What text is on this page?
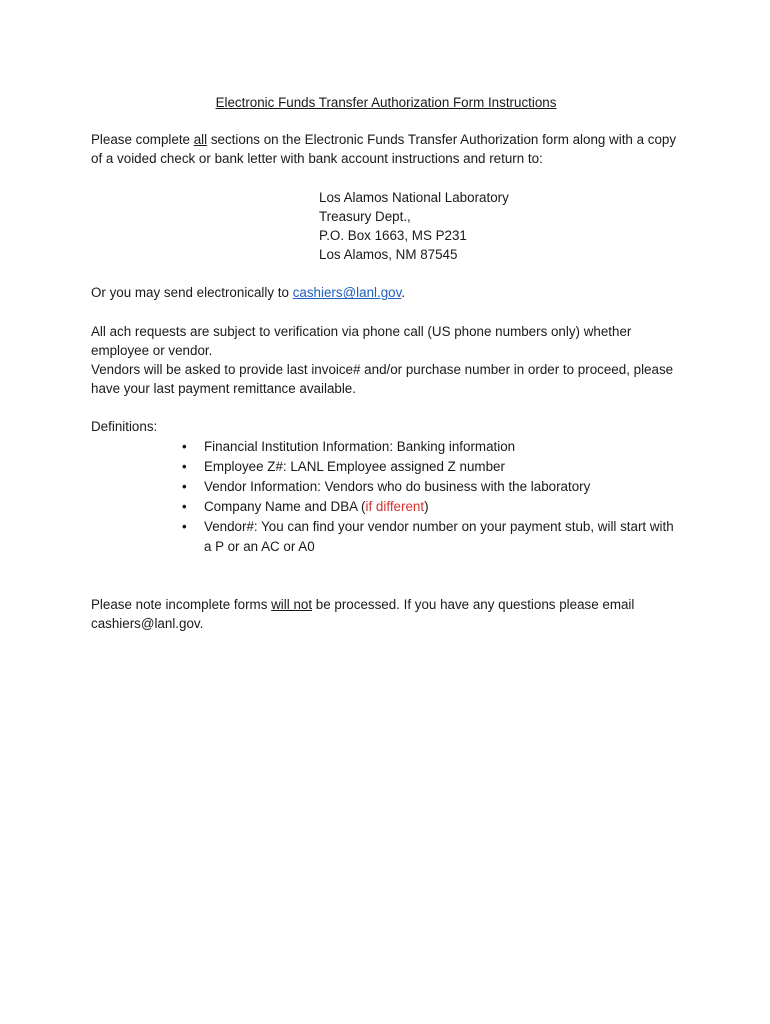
Electronic Funds Transfer Authorization Form Instructions

Please complete all sections on the Electronic Funds Transfer Authorization form along with a copy of a voided check or bank letter with bank account instructions and return to:

Los Alamos National Laboratory
Treasury Dept.,
P.O. Box 1663, MS P231
Los Alamos, NM 87545

Or you may send electronically to cashiers@lanl.gov.

All ach requests are subject to verification via phone call (US phone numbers only) whether employee or vendor.

Vendors will be asked to provide last invoice# and/or purchase number in order to proceed, please have your last payment remittance available.

Definitions:

•	Financial Institution Information: Banking information
•	Employee Z#: LANL Employee assigned Z number
•	Vendor Information: Vendors who do business with the laboratory
•	Company Name and DBA (if different)
•	Vendor#: You can find your vendor number on your payment stub, will start with a P or an AC or A0

Please note incomplete forms will not be processed. If you have any questions please email cashiers@lanl.gov.
